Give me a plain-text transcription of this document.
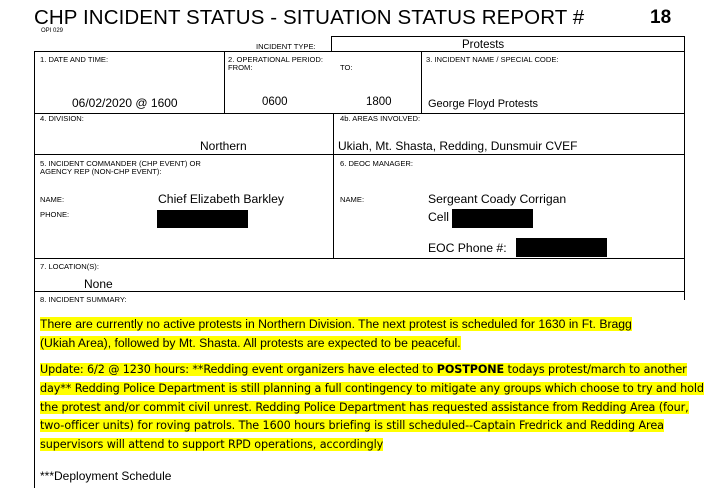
CHP INCIDENT STATUS - SITUATION STATUS REPORT #	18
OPI 029
INCIDENT TYPE:	Protests
1. DATE AND TIME:
06/02/2020 @ 1600
2. OPERATIONAL PERIOD:
FROM:	TO:
0600	1800
3. INCIDENT NAME / SPECIAL CODE:
George Floyd Protests
4. DIVISION:
Northern
4b. AREAS INVOLVED:
Ukiah, Mt. Shasta, Redding, Dunsmuir CVEF
5. INCIDENT COMMANDER (CHP EVENT) OR
AGENCY REP (NON-CHP EVENT):
NAME:	Chief Elizabeth Barkley
PHONE:
6. DEOC MANAGER:
NAME:	Sergeant Coady Corrigan
Cell
EOC Phone #:
7. LOCATION(S):
None
8. INCIDENT SUMMARY:
There are currently no active protests in Northern Division. The next protest is scheduled for 1630 in Ft. Bragg
(Ukiah Area), followed by Mt. Shasta. All protests are expected to be peaceful.
Update: 6/2 @ 1230 hours: **Redding event organizers have elected to POSTPONE todays protest/march to another
day** Redding Police Department is still planning a full contingency to mitigate any groups which choose to try and hold
the protest and/or commit civil unrest. Redding Police Department has requested assistance from Redding Area (four,
two-officer units) for roving patrols. The 1600 hours briefing is still scheduled--Captain Fredrick and Redding Area
supervisors will attend to support RPD operations, accordingly
***Deployment Schedule
